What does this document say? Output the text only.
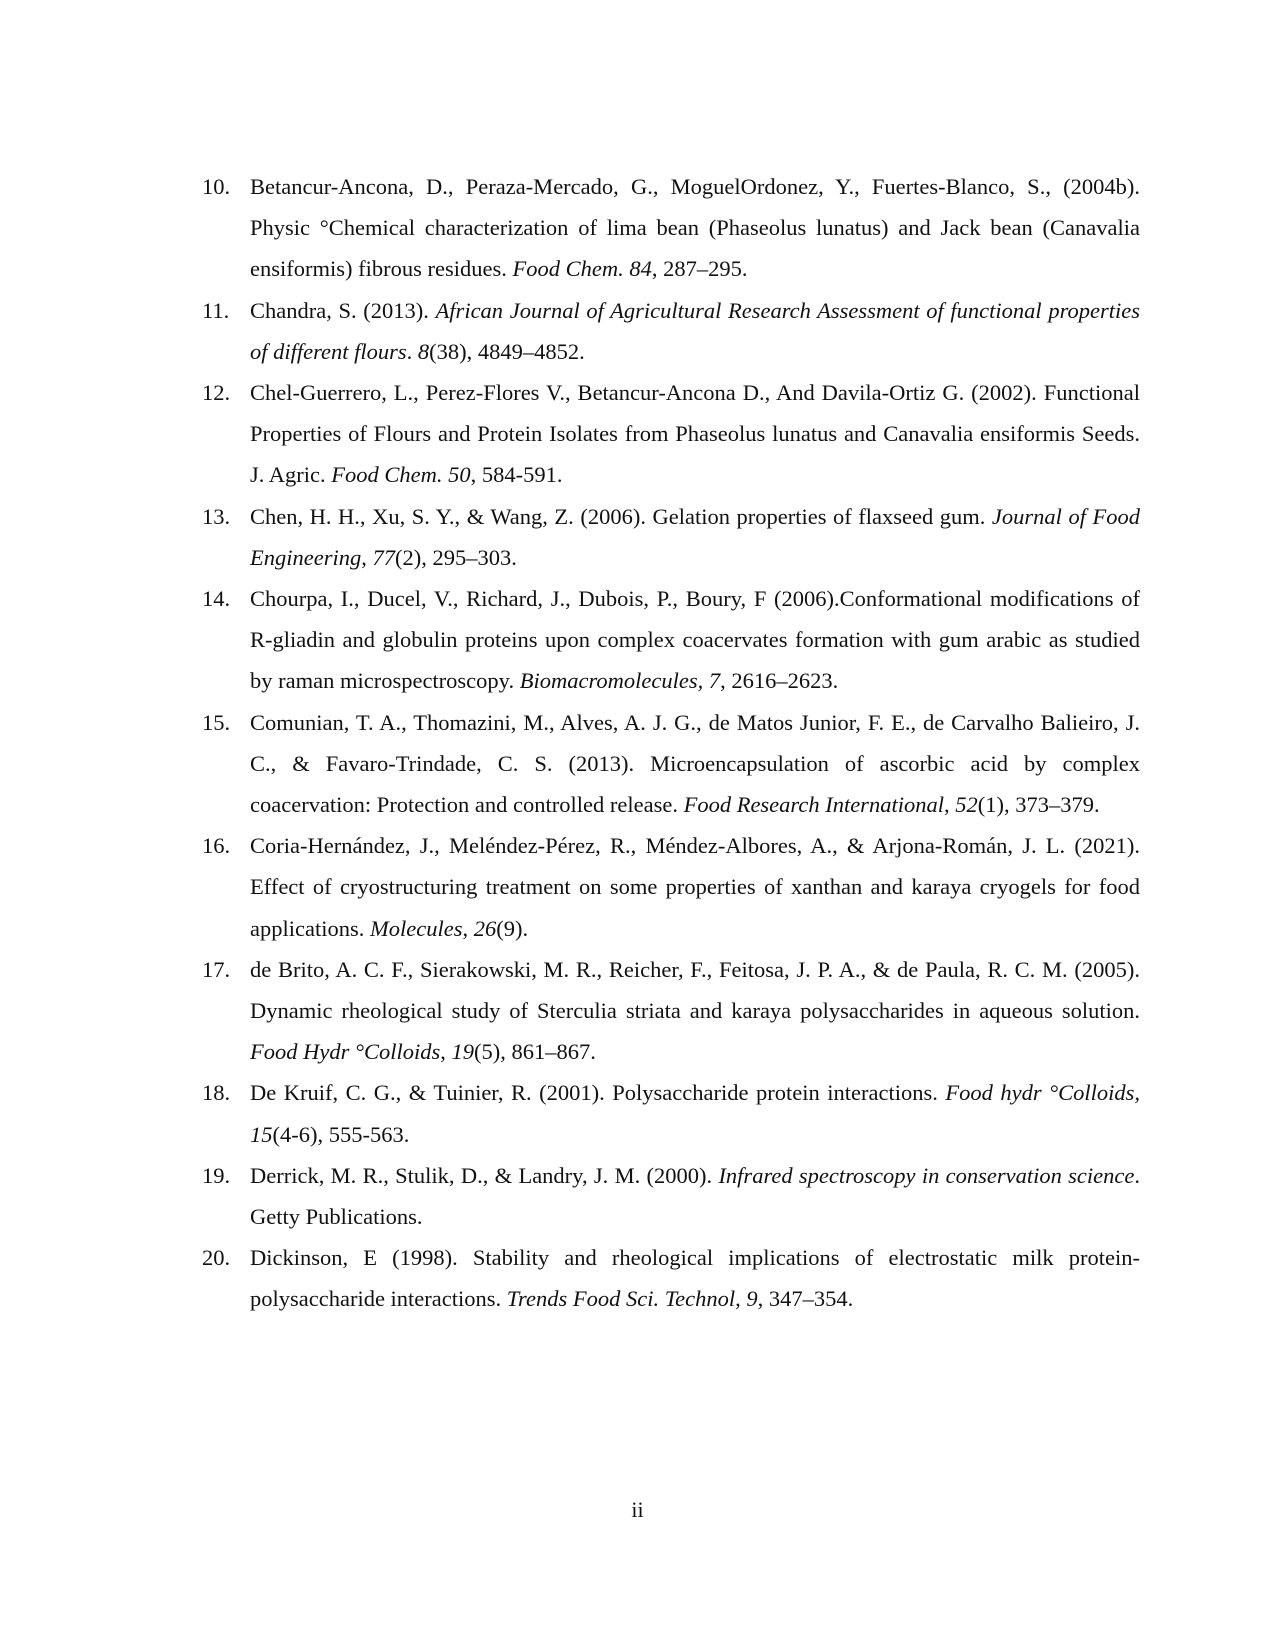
10. Betancur-Ancona, D., Peraza-Mercado, G., MoguelOrdonez, Y., Fuertes-Blanco, S., (2004b). Physic °Chemical characterization of lima bean (Phaseolus lunatus) and Jack bean (Canavalia ensiformis) fibrous residues. Food Chem. 84, 287–295.
11. Chandra, S. (2013). African Journal of Agricultural Research Assessment of functional properties of different flours. 8(38), 4849–4852.
12. Chel-Guerrero, L., Perez-Flores V., Betancur-Ancona D., And Davila-Ortiz G. (2002). Functional Properties of Flours and Protein Isolates from Phaseolus lunatus and Canavalia ensiformis Seeds. J. Agric. Food Chem. 50, 584-591.
13. Chen, H. H., Xu, S. Y., & Wang, Z. (2006). Gelation properties of flaxseed gum. Journal of Food Engineering, 77(2), 295–303.
14. Chourpa, I., Ducel, V., Richard, J., Dubois, P., Boury, F (2006).Conformational modifications of R-gliadin and globulin proteins upon complex coacervates formation with gum arabic as studied by raman microspectroscopy. Biomacromolecules, 7, 2616–2623.
15. Comunian, T. A., Thomazini, M., Alves, A. J. G., de Matos Junior, F. E., de Carvalho Balieiro, J. C., & Favaro-Trindade, C. S. (2013). Microencapsulation of ascorbic acid by complex coacervation: Protection and controlled release. Food Research International, 52(1), 373–379.
16. Coria-Hernández, J., Meléndez-Pérez, R., Méndez-Albores, A., & Arjona-Román, J. L. (2021). Effect of cryostructuring treatment on some properties of xanthan and karaya cryogels for food applications. Molecules, 26(9).
17. de Brito, A. C. F., Sierakowski, M. R., Reicher, F., Feitosa, J. P. A., & de Paula, R. C. M. (2005). Dynamic rheological study of Sterculia striata and karaya polysaccharides in aqueous solution. Food Hydr °Colloids, 19(5), 861–867.
18. De Kruif, C. G., & Tuinier, R. (2001). Polysaccharide protein interactions. Food hydr °Colloids, 15(4-6), 555-563.
19. Derrick, M. R., Stulik, D., & Landry, J. M. (2000). Infrared spectroscopy in conservation science. Getty Publications.
20. Dickinson, E (1998). Stability and rheological implications of electrostatic milk protein-polysaccharide interactions. Trends Food Sci. Technol, 9, 347–354.
ii
